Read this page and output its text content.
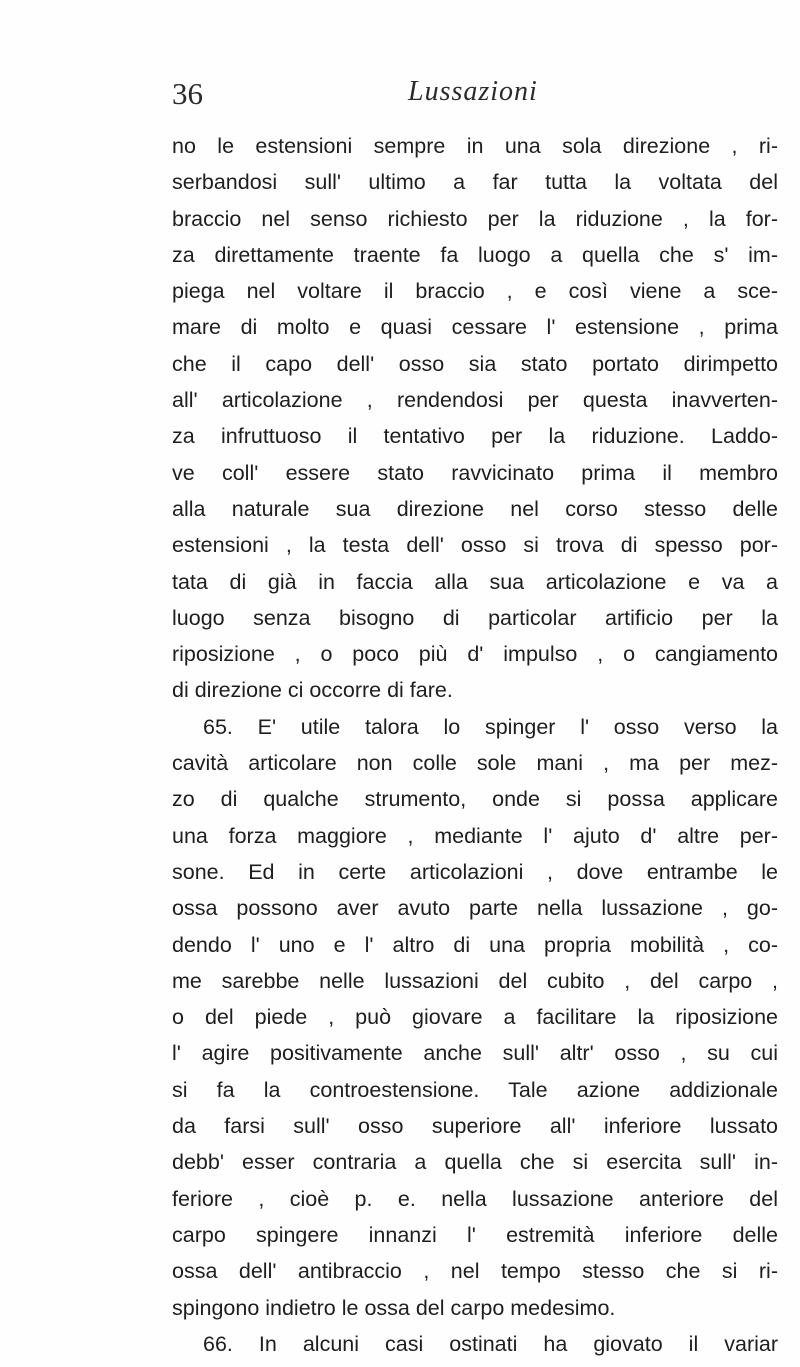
36	Lussazioni
no le estensioni sempre in una sola direzione , ri-
serbandosi sull' ultimo a far tutta la voltata del
braccio nel senso richiesto per la riduzione , la for-
za direttamente traente fa luogo a quella che s' im-
piega nel voltare il braccio , e così viene a sce-
mare di molto e quasi cessare l' estensione , prima
che il capo dell' osso sia stato portato dirimpetto
all' articolazione , rendendosi per questa inavverten-
za infruttuoso il tentativo per la riduzione. Laddo-
ve coll' essere stato ravvicinato prima il membro
alla naturale sua direzione nel corso stesso delle
estensioni , la testa dell' osso si trova di spesso por-
tata di già in faccia alla sua articolazione e va a
luogo senza bisogno di particolar artificio per la
riposizione , o poco più d' impulso , o cangiamento
di direzione ci occorre di fare.
65. E' utile talora lo spinger l' osso verso la
cavità articolare non colle sole mani , ma per mez-
zo di qualche strumento, onde si possa applicare
una forza maggiore , mediante l' ajuto d' altre per-
sone. Ed in certe articolazioni , dove entrambe le
ossa possono aver avuto parte nella lussazione , go-
dendo l' uno e l' altro di una propria mobilità , co-
me sarebbe nelle lussazioni del cubito , del carpo ,
o del piede , può giovare a facilitare la riposizione
l' agire positivamente anche sull' altr' osso , su cui
si fa la controestensione. Tale azione addizionale
da farsi sull' osso superiore all' inferiore lussato
debb' esser contraria a quella che si esercita sull' in-
feriore , cioè p. e. nella lussazione anteriore del
carpo spingere innanzi l' estremità inferiore delle
ossa dell' antibraccio , nel tempo stesso che si ri-
spingono indietro le ossa del carpo medesimo.
66. In alcuni casi ostinati ha giovato il variar
